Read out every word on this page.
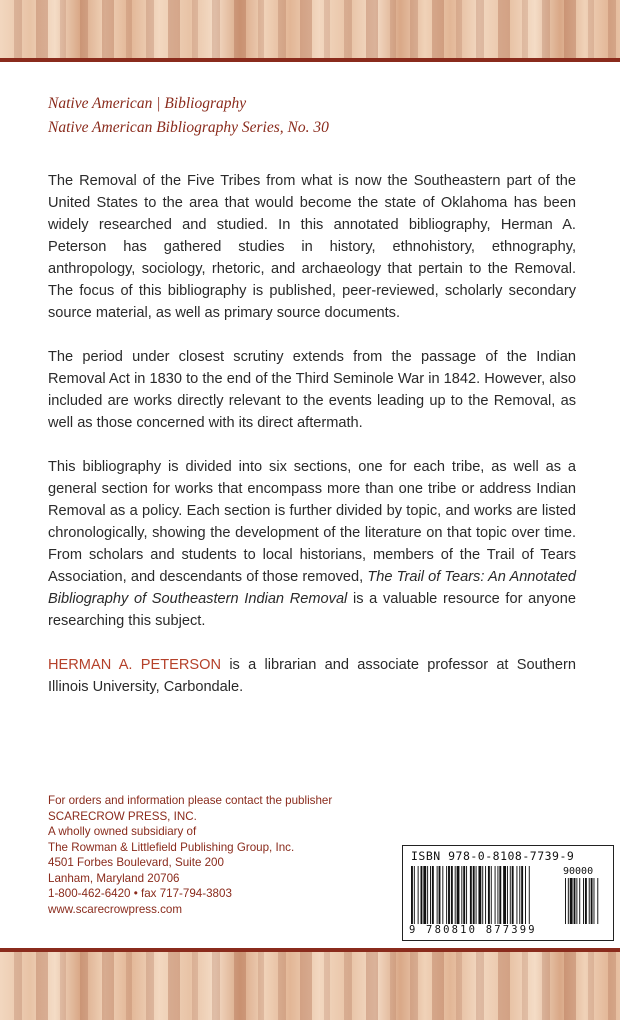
Native American | Bibliography
Native American Bibliography Series, No. 30

The Removal of the Five Tribes from what is now the Southeastern part of the United States to the area that would become the state of Oklahoma has been widely researched and studied. In this annotated bibliography, Herman A. Peterson has gathered studies in history, ethnohistory, ethnography, anthropology, sociology, rhetoric, and archaeology that pertain to the Removal. The focus of this bibliography is published, peer-reviewed, scholarly secondary source material, as well as primary source documents.

The period under closest scrutiny extends from the passage of the Indian Removal Act in 1830 to the end of the Third Seminole War in 1842. However, also included are works directly relevant to the events leading up to the Removal, as well as those concerned with its direct aftermath.

This bibliography is divided into six sections, one for each tribe, as well as a general section for works that encompass more than one tribe or address Indian Removal as a policy. Each section is further divided by topic, and works are listed chronologically, showing the development of the literature on that topic over time. From scholars and students to local historians, members of the Trail of Tears Association, and descendants of those removed, The Trail of Tears: An Annotated Bibliography of Southeastern Indian Removal is a valuable resource for anyone researching this subject.

HERMAN A. PETERSON is a librarian and associate professor at Southern Illinois University, Carbondale.

For orders and information please contact the publisher
SCARECROW PRESS, INC.
A wholly owned subsidiary of
The Rowman & Littlefield Publishing Group, Inc.
4501 Forbes Boulevard, Suite 200
Lanham, Maryland 20706
1-800-462-6420 • fax 717-794-3803
www.scarecrowpress.com
ISBN 978-0-8108-7739-9
90000
9 780810 877399
